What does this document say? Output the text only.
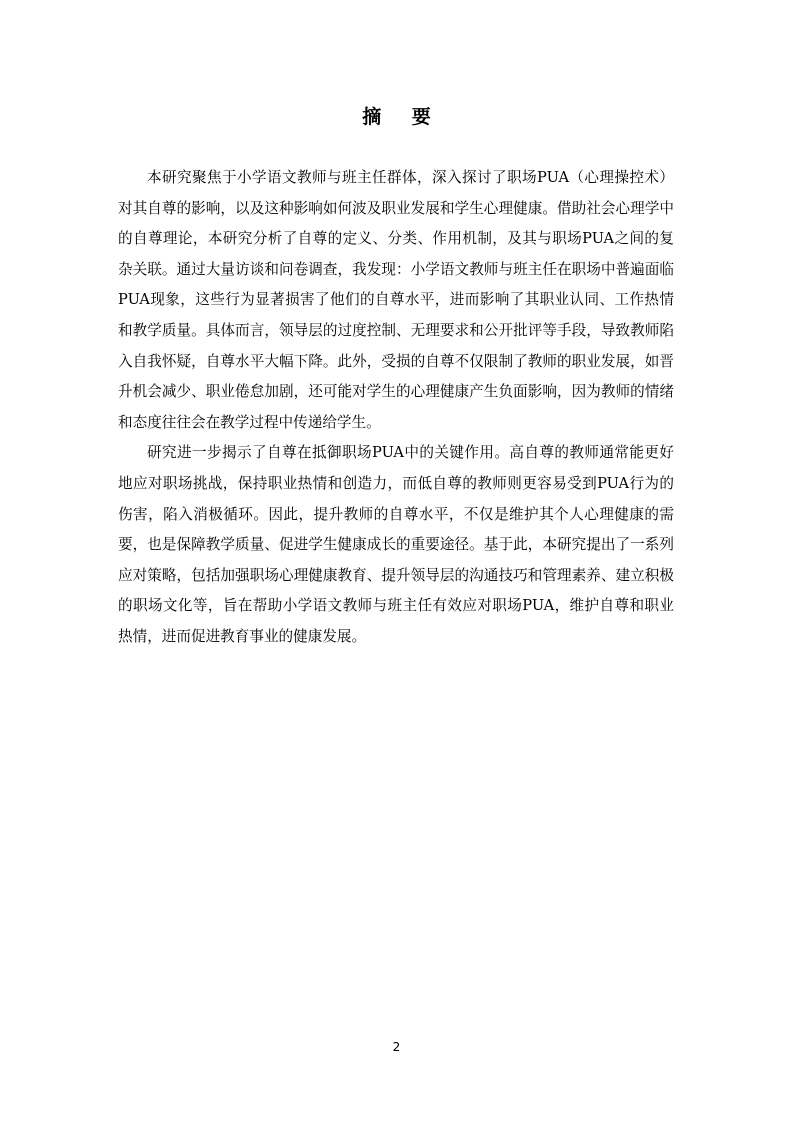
摘 要

本研究聚焦于小学语文教师与班主任群体，深入探讨了职场PUA（心理操控术）对其自尊的影响，以及这种影响如何波及职业发展和学生心理健康。借助社会心理学中的自尊理论，本研究分析了自尊的定义、分类、作用机制，及其与职场PUA之间的复杂关联。通过大量访谈和问卷调查，我发现：小学语文教师与班主任在职场中普遍面临PUA现象，这些行为显著损害了他们的自尊水平，进而影响了其职业认同、工作热情和教学质量。具体而言，领导层的过度控制、无理要求和公开批评等手段，导致教师陷入自我怀疑，自尊水平大幅下降。此外，受损的自尊不仅限制了教师的职业发展，如晋升机会减少、职业倦怠加剧，还可能对学生的心理健康产生负面影响，因为教师的情绪和态度往往会在教学过程中传递给学生。

研究进一步揭示了自尊在抵御职场PUA中的关键作用。高自尊的教师通常能更好地应对职场挑战，保持职业热情和创造力，而低自尊的教师则更容易受到PUA行为的伤害，陷入消极循环。因此，提升教师的自尊水平，不仅是维护其个人心理健康的需要，也是保障教学质量、促进学生健康成长的重要途径。基于此，本研究提出了一系列应对策略，包括加强职场心理健康教育、提升领导层的沟通技巧和管理素养、建立积极的职场文化等，旨在帮助小学语文教师与班主任有效应对职场PUA，维护自尊和职业热情，进而促进教育事业的健康发展。

2
